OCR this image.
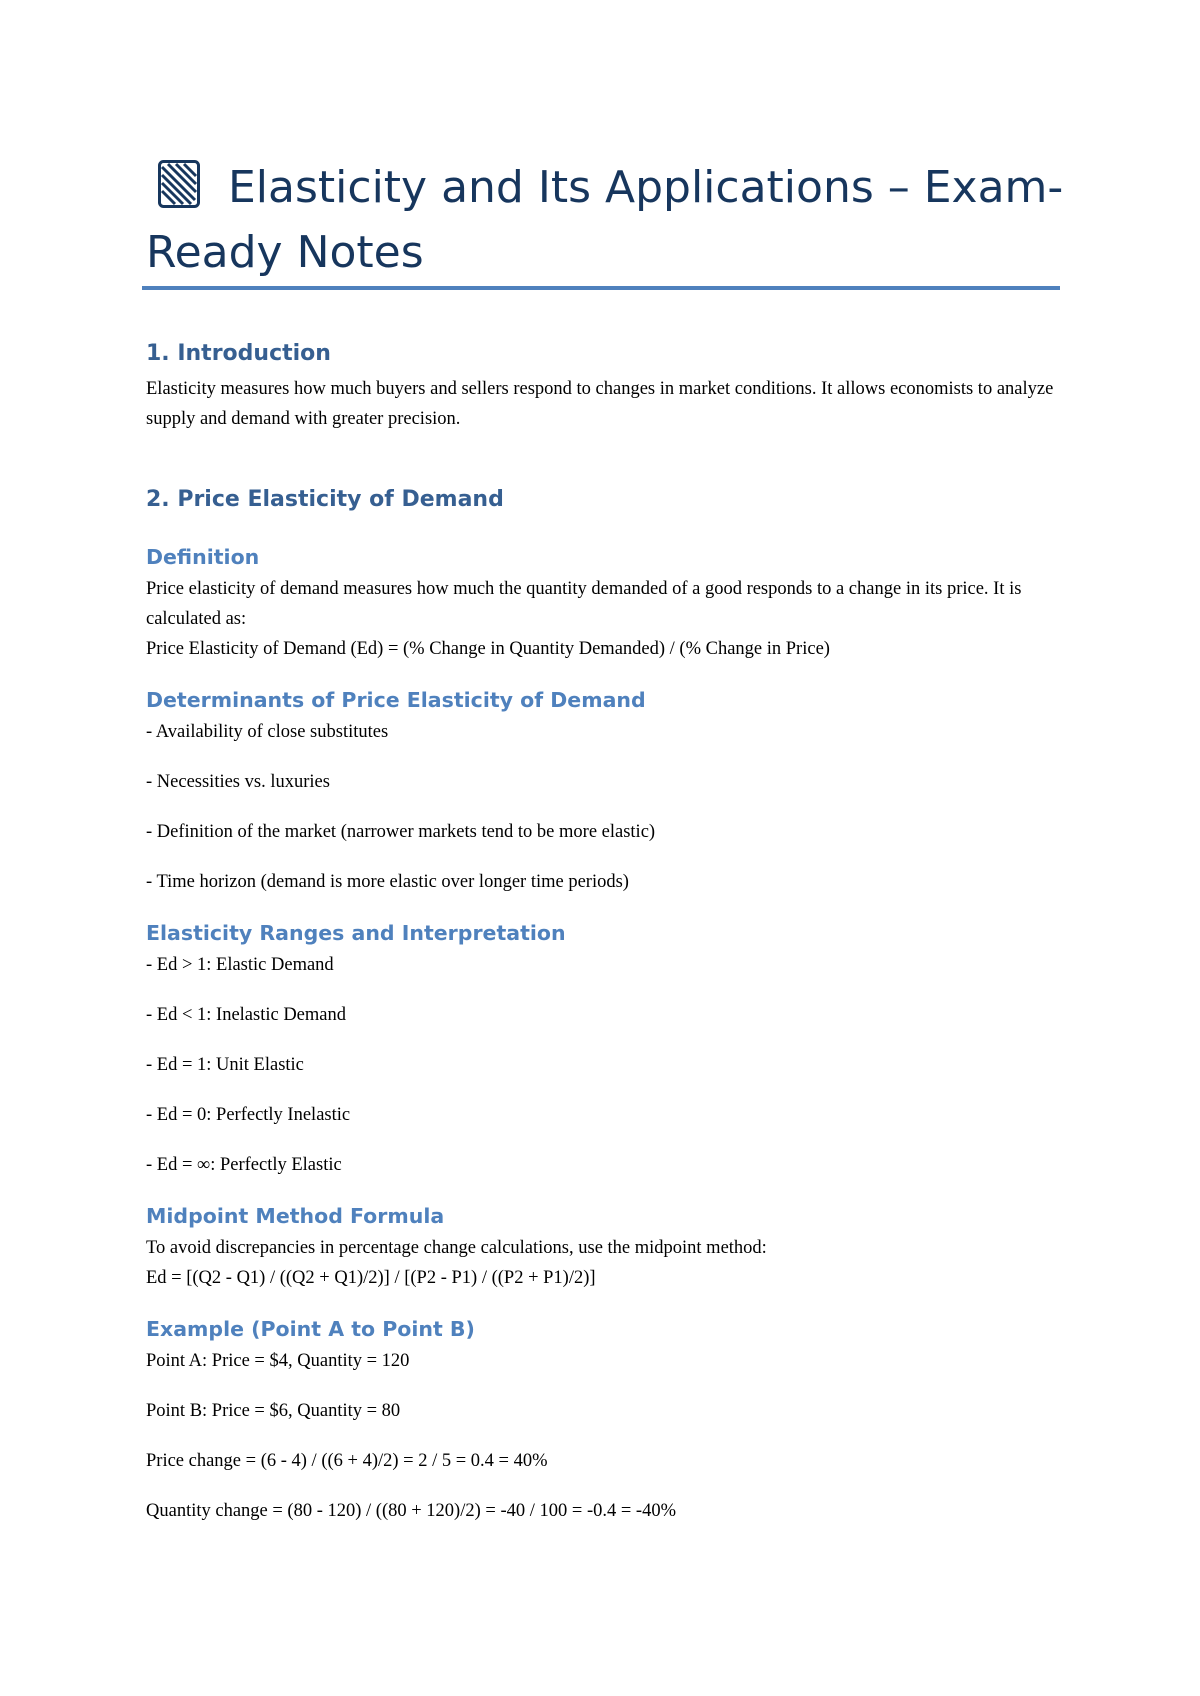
Elasticity and Its Applications – Exam-Ready Notes
1. Introduction

Elasticity measures how much buyers and sellers respond to changes in market conditions. It allows economists to analyze supply and demand with greater precision.

2. Price Elasticity of Demand
Definition

Price elasticity of demand measures how much the quantity demanded of a good responds to a change in its price. It is calculated as:

Price Elasticity of Demand (Ed) = (% Change in Quantity Demanded) / (% Change in Price)

Determinants of Price Elasticity of Demand

- Availability of close substitutes

- Necessities vs. luxuries

- Definition of the market (narrower markets tend to be more elastic)

- Time horizon (demand is more elastic over longer time periods)

Elasticity Ranges and Interpretation

- Ed > 1: Elastic Demand

- Ed < 1: Inelastic Demand

- Ed = 1: Unit Elastic

- Ed = 0: Perfectly Inelastic

- Ed = ∞: Perfectly Elastic

Midpoint Method Formula

To avoid discrepancies in percentage change calculations, use the midpoint method:

Ed = [(Q2 - Q1) / ((Q2 + Q1)/2)] / [(P2 - P1) / ((P2 + P1)/2)]

Example (Point A to Point B)

Point A: Price = $4, Quantity = 120

Point B: Price = $6, Quantity = 80

Price change = (6 - 4) / ((6 + 4)/2) = 2 / 5 = 0.4 = 40%

Quantity change = (80 - 120) / ((80 + 120)/2) = -40 / 100 = -0.4 = -40%
